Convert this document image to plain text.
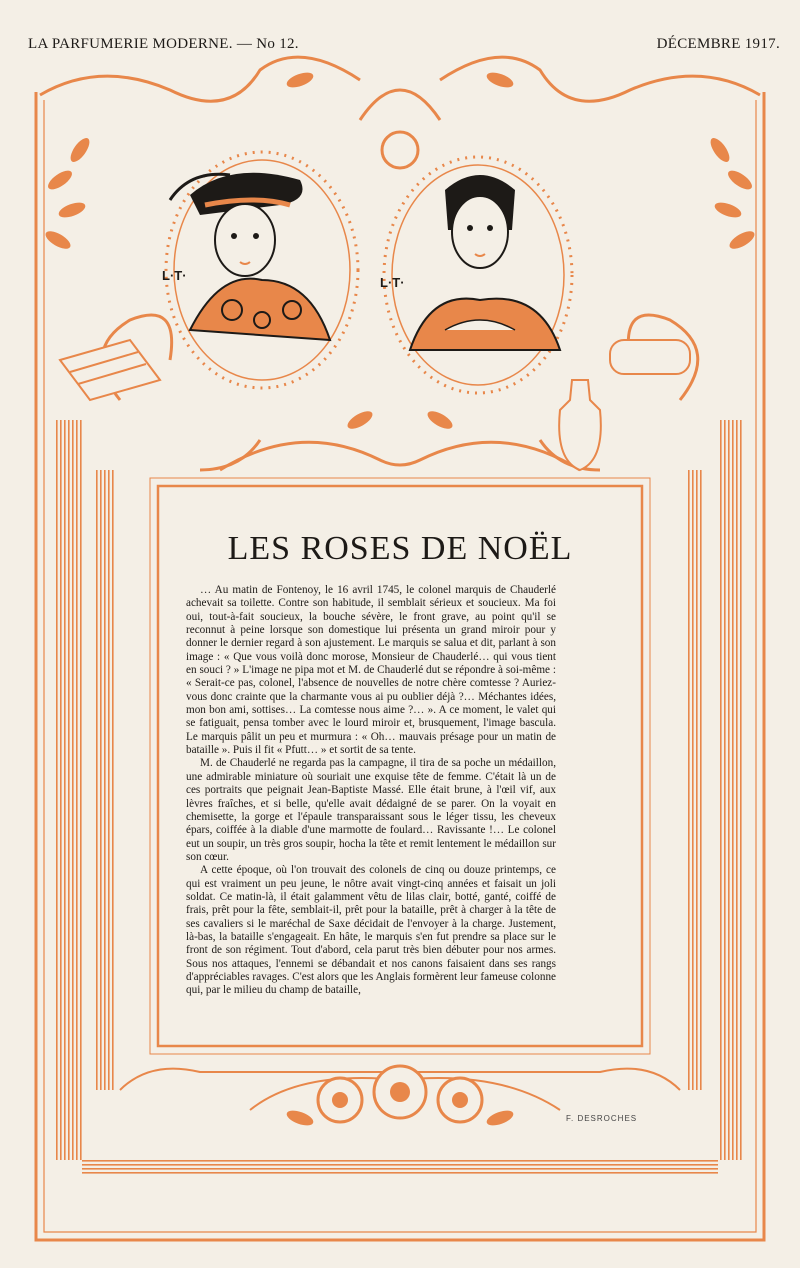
LA PARFUMERIE MODERNE. — No 12.	DÉCEMBRE 1917.
L·T·	L·T·
LES ROSES DE NOËL

… Au matin de Fontenoy, le 16 avril 1745, le colonel marquis de Chauderlé achevait sa toilette. Contre son habitude, il semblait sérieux et soucieux. Ma foi oui, tout-à-fait soucieux, la bouche sévère, le front grave, au point qu'il se reconnut à peine lorsque son domestique lui présenta un grand miroir pour y donner le dernier regard à son ajustement. Le marquis se salua et dit, parlant à son image : « Que vous voilà donc morose, Monsieur de Chauderlé… qui vous tient en souci ? » L'image ne pipa mot et M. de Chauderlé dut se répondre à soi-même : « Serait-ce pas, colonel, l'absence de nouvelles de notre chère comtesse ? Auriez-vous donc crainte que la charmante vous ai pu oublier déjà ?… Méchantes idées, mon bon ami, sottises… La comtesse nous aime ?… ». A ce moment, le valet qui se fatiguait, pensa tomber avec le lourd miroir et, brusquement, l'image bascula. Le marquis pâlit un peu et murmura : « Oh… mauvais présage pour un matin de bataille ». Puis il fit « Pfutt… » et sortit de sa tente.

M. de Chauderlé ne regarda pas la campagne, il tira de sa poche un médaillon, une admirable miniature où souriait une exquise tête de femme. C'était là un de ces portraits que peignait Jean-Baptiste Massé. Elle était brune, à l'œil vif, aux lèvres fraîches, et si belle, qu'elle avait dédaigné de se parer. On la voyait en chemisette, la gorge et l'épaule transparaissant sous le léger tissu, les cheveux épars, coiffée à la diable d'une marmotte de foulard… Ravissante !… Le colonel eut un soupir, un très gros soupir, hocha la tête et remit lentement le médaillon sur son cœur.

A cette époque, où l'on trouvait des colonels de cinq ou douze printemps, ce qui est vraiment un peu jeune, le nôtre avait vingt-cinq années et faisait un joli soldat. Ce matin-là, il était galamment vêtu de lilas clair, botté, ganté, coiffé de frais, prêt pour la fête, semblait-il, prêt pour la bataille, prêt à charger à la tête de ses cavaliers si le maréchal de Saxe décidait de l'envoyer à la charge. Justement, là-bas, la bataille s'engageait. En hâte, le marquis s'en fut prendre sa place sur le front de son régiment. Tout d'abord, cela parut très bien débuter pour nos armes. Sous nos attaques, l'ennemi se débandait et nos canons faisaient dans ses rangs d'appréciables ravages. C'est alors que les Anglais formèrent leur fameuse colonne qui, par le milieu du champ de bataille,

F. DESROCHES
